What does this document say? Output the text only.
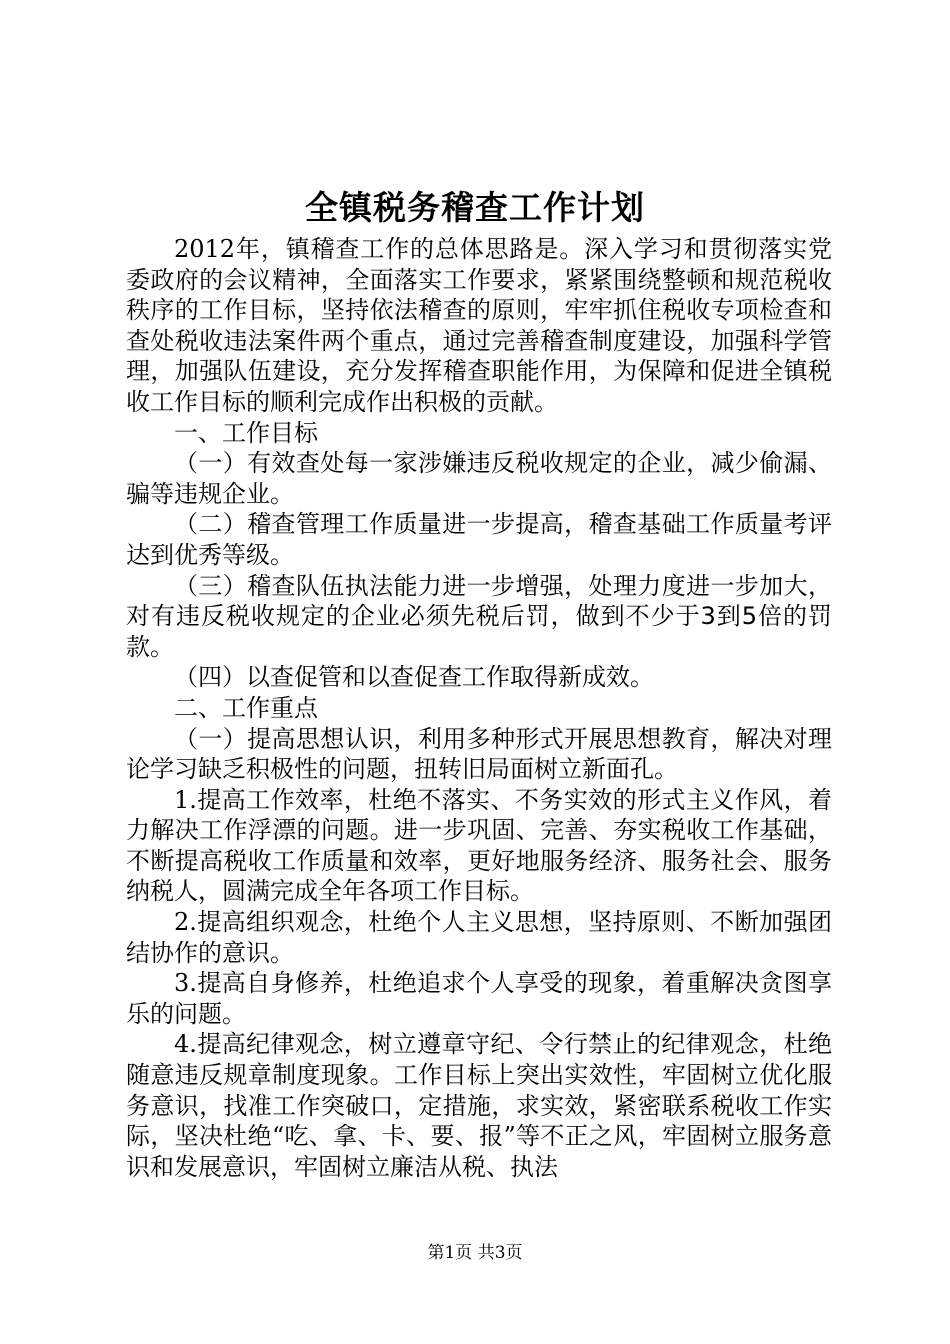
全镇税务稽查工作计划

2012年，镇稽查工作的总体思路是。深入学习和贯彻落实党委政府的会议精神，全面落实工作要求，紧紧围绕整顿和规范税收秩序的工作目标，坚持依法稽查的原则，牢牢抓住税收专项检查和查处税收违法案件两个重点，通过完善稽查制度建设，加强科学管理，加强队伍建设，充分发挥稽查职能作用，为保障和促进全镇税收工作目标的顺利完成作出积极的贡献。

一、工作目标

（一）有效查处每一家涉嫌违反税收规定的企业，减少偷漏、骗等违规企业。

（二）稽查管理工作质量进一步提高，稽查基础工作质量考评达到优秀等级。

（三）稽查队伍执法能力进一步增强，处理力度进一步加大，对有违反税收规定的企业必须先税后罚，做到不少于3到5倍的罚款。

（四）以查促管和以查促查工作取得新成效。

二、工作重点

（一）提高思想认识，利用多种形式开展思想教育，解决对理论学习缺乏积极性的问题，扭转旧局面树立新面孔。

1.提高工作效率，杜绝不落实、不务实效的形式主义作风，着力解决工作浮漂的问题。进一步巩固、完善、夯实税收工作基础，不断提高税收工作质量和效率，更好地服务经济、服务社会、服务纳税人，圆满完成全年各项工作目标。

2.提高组织观念，杜绝个人主义思想，坚持原则、不断加强团结协作的意识。

3.提高自身修养，杜绝追求个人享受的现象，着重解决贪图享乐的问题。

4.提高纪律观念，树立遵章守纪、令行禁止的纪律观念，杜绝随意违反规章制度现象。工作目标上突出实效性，牢固树立优化服务意识，找准工作突破口，定措施，求实效，紧密联系税收工作实际，坚决杜绝“吃、拿、卡、要、报”等不正之风，牢固树立服务意识和发展意识，牢固树立廉洁从税、执法

第1页 共3页
